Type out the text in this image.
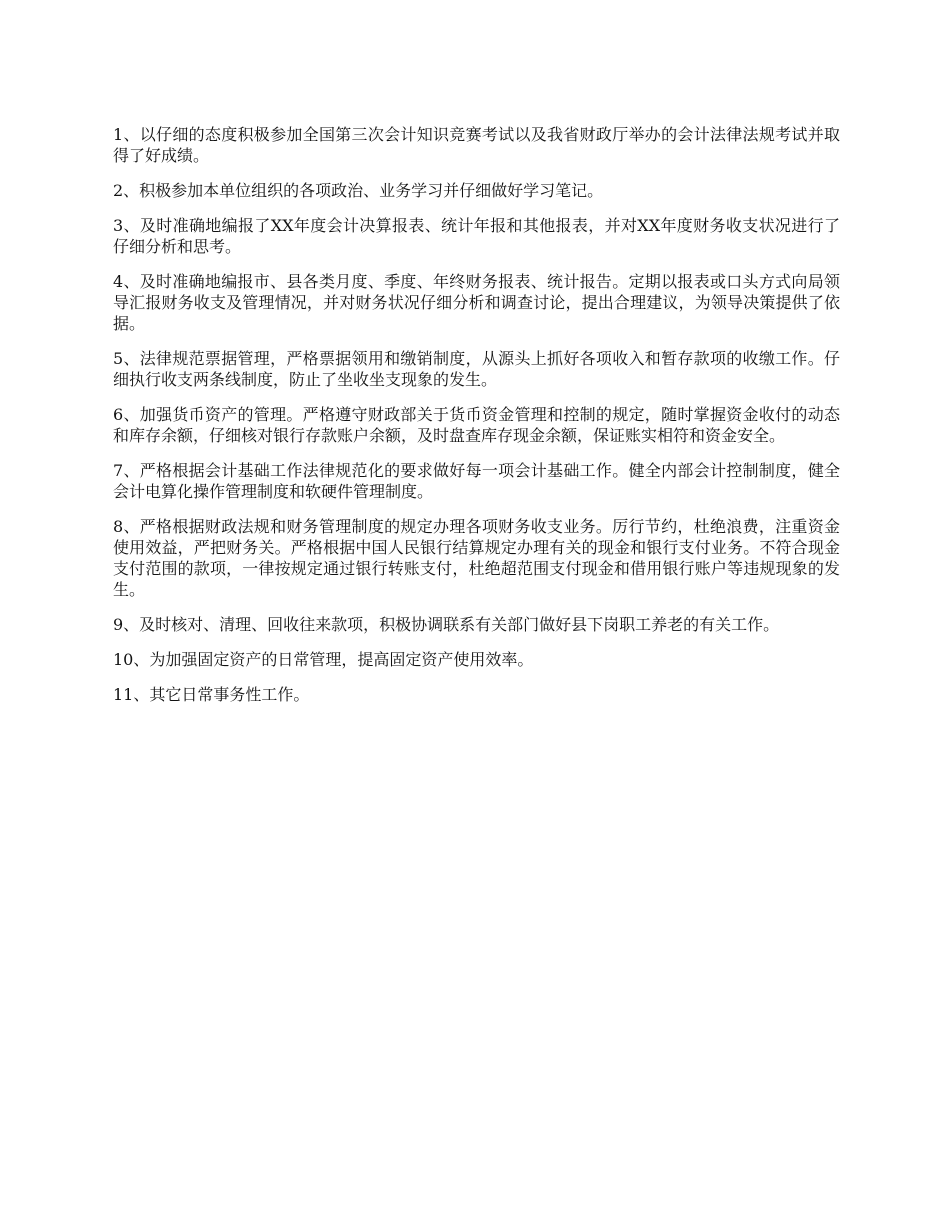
1、以仔细的态度积极参加全国第三次会计知识竞赛考试以及我省财政厅举办的会计法律法规考试并取得了好成绩。

2、积极参加本单位组织的各项政治、业务学习并仔细做好学习笔记。

3、及时准确地编报了XX年度会计决算报表、统计年报和其他报表，并对XX年度财务收支状况进行了仔细分析和思考。

4、及时准确地编报市、县各类月度、季度、年终财务报表、统计报告。定期以报表或口头方式向局领导汇报财务收支及管理情况，并对财务状况仔细分析和调查讨论，提出合理建议，为领导决策提供了依据。

5、法律规范票据管理，严格票据领用和缴销制度，从源头上抓好各项收入和暂存款项的收缴工作。仔细执行收支两条线制度，防止了坐收坐支现象的发生。

6、加强货币资产的管理。严格遵守财政部关于货币资金管理和控制的规定，随时掌握资金收付的动态和库存余额，仔细核对银行存款账户余额，及时盘查库存现金余额，保证账实相符和资金安全。

7、严格根据会计基础工作法律规范化的要求做好每一项会计基础工作。健全内部会计控制制度，健全会计电算化操作管理制度和软硬件管理制度。

8、严格根据财政法规和财务管理制度的规定办理各项财务收支业务。厉行节约，杜绝浪费，注重资金使用效益，严把财务关。严格根据中国人民银行结算规定办理有关的现金和银行支付业务。不符合现金支付范围的款项，一律按规定通过银行转账支付，杜绝超范围支付现金和借用银行账户等违规现象的发生。

9、及时核对、清理、回收往来款项，积极协调联系有关部门做好县下岗职工养老的有关工作。

10、为加强固定资产的日常管理，提高固定资产使用效率。

11、其它日常事务性工作。
